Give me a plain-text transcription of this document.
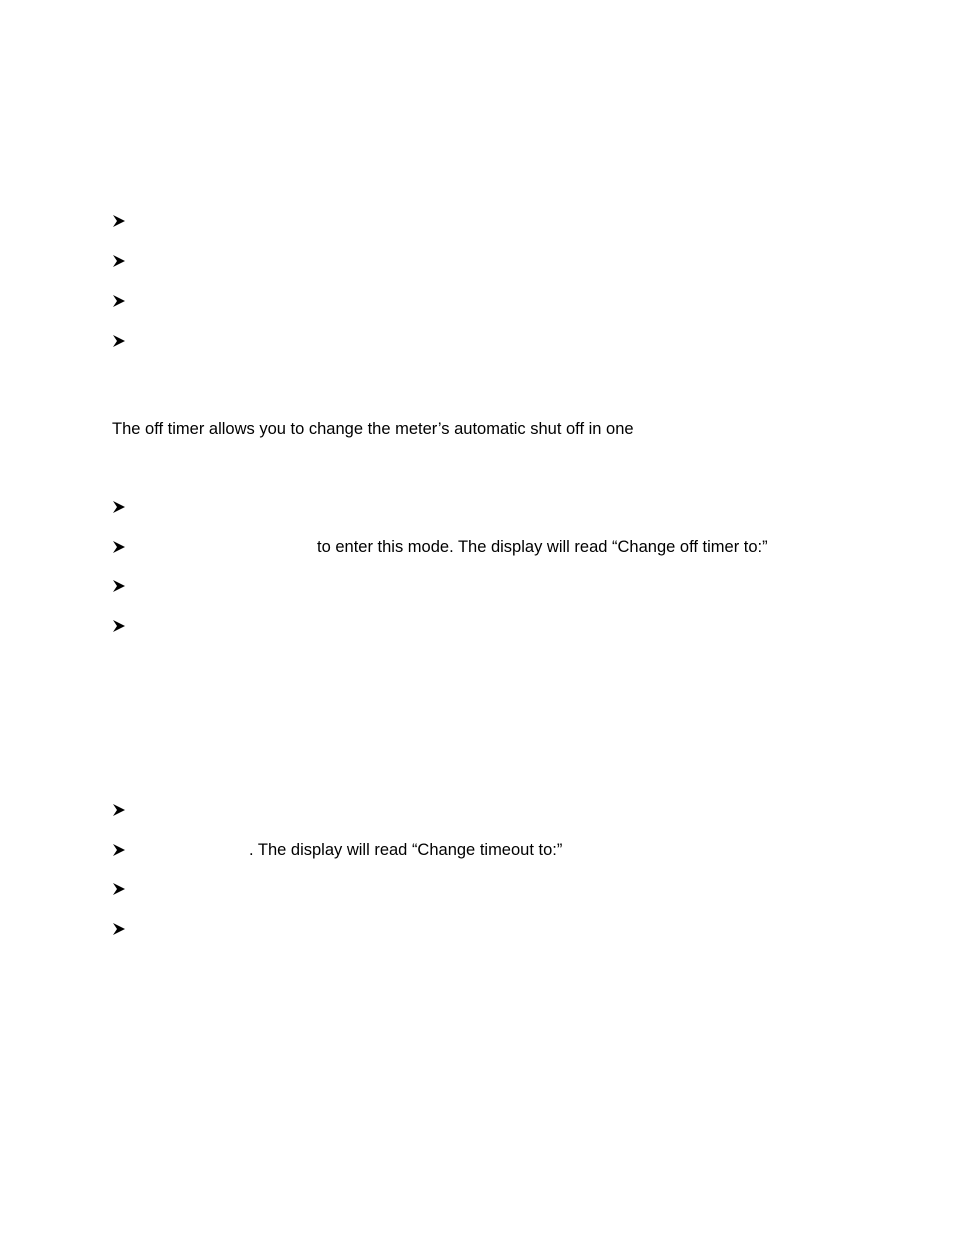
The off timer allows you to change the meter’s automatic shut off in one
to enter this mode. The display will read “Change off timer to:”
. The display will read “Change timeout to:”
